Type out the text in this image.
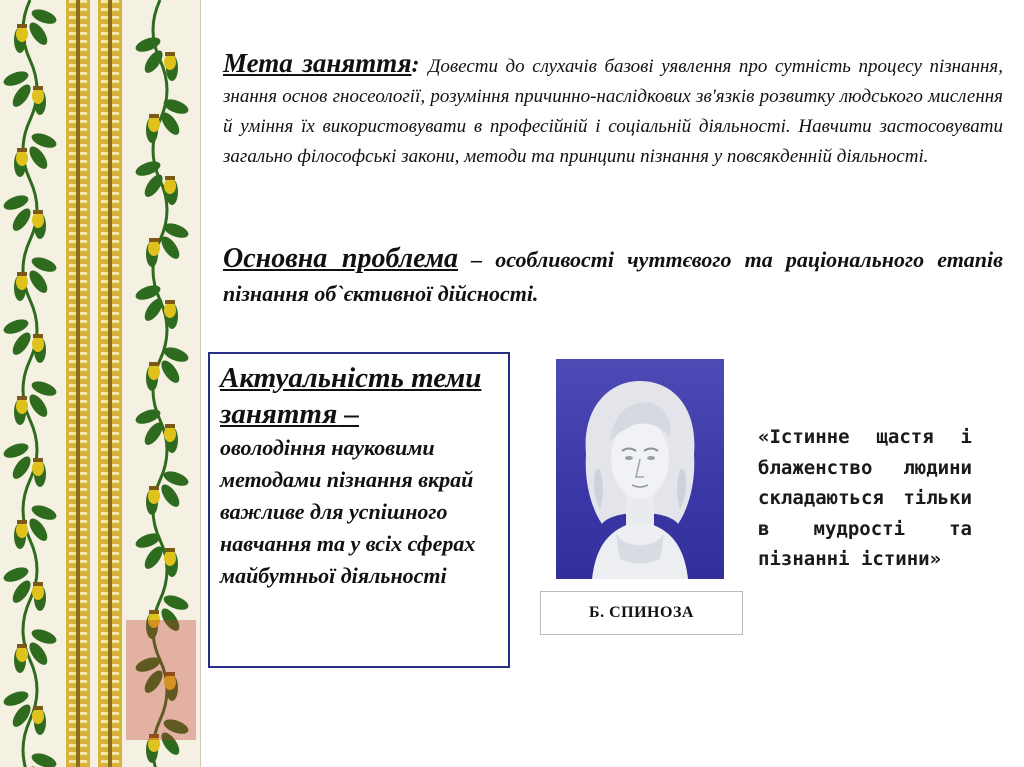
Мета заняття: Довести до слухачів базові уявлення про сутність процесу пізнання, знання основ гносеології, розуміння причинно-наслідкових зв'язків розвитку людського мислення й уміння їх використовувати в професійній і соціальній діяльності. Навчити застосовувати загально філософські закони, методи та принципи пізнання у повсякденній діяльності.
Основна проблема – особливості чуттєвого та раціонального етапів пізнання об`єктивної дійсності.
Актуальність теми заняття –
оволодіння науковими методами пізнання вкрай важливе для успішного навчання та у всіх сферах майбутньої діяльності
Б. СПИНОЗА
«Істинне щастя і блаженство людини складаються тільки в мудрості та пізнанні істини»
